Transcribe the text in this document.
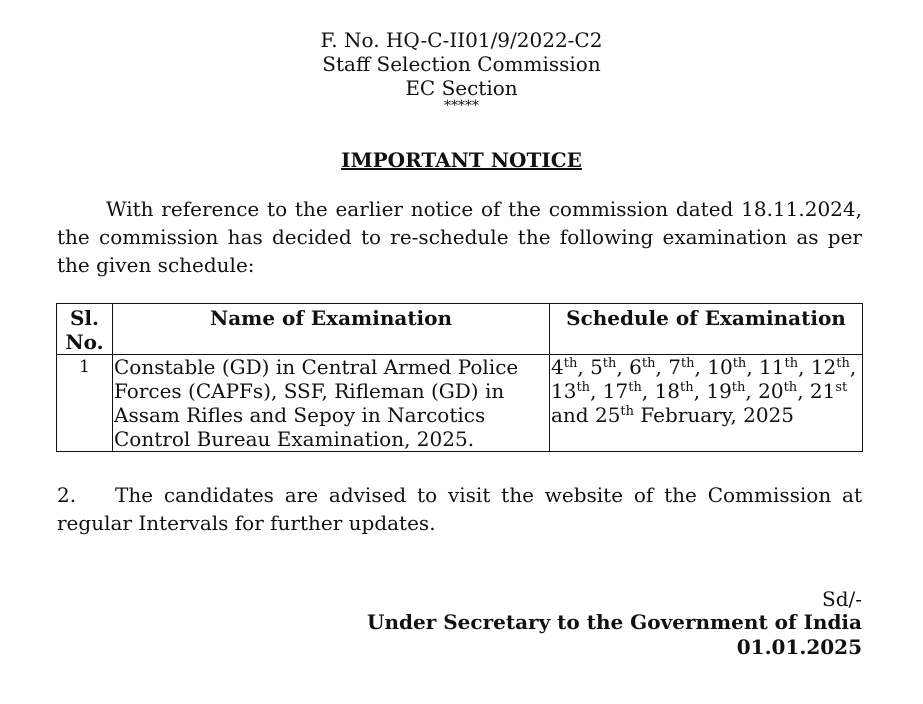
F. No. HQ-C-II01/9/2022-C2
Staff Selection Commission
EC Section
*****
IMPORTANT NOTICE
With reference to the earlier notice of the commission dated 18.11.2024, the commission has decided to re-schedule the following examination as per the given schedule:
Sl. No.	Name of Examination	Schedule of Examination
1	Constable (GD) in Central Armed Police Forces (CAPFs), SSF, Rifleman (GD) in Assam Rifles and Sepoy in Narcotics Control Bureau Examination, 2025.	4th, 5th, 6th, 7th, 10th, 11th, 12th, 13th, 17th, 18th, 19th, 20th, 21st and 25th February, 2025
2. The candidates are advised to visit the website of the Commission at regular Intervals for further updates.
Sd/-
Under Secretary to the Government of India
01.01.2025
